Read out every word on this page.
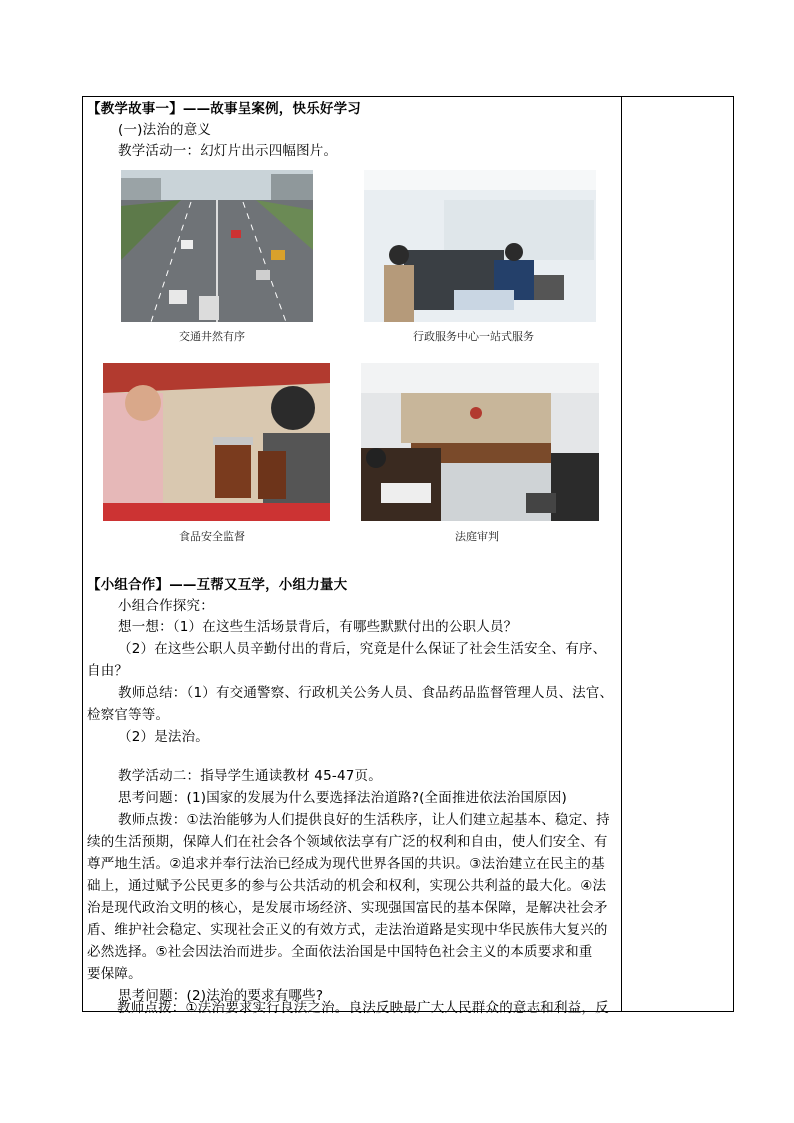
【教学故事一】——故事呈案例，快乐好学习
(一)法治的意义
教学活动一：幻灯片出示四幅图片。
交通井然有序	行政服务中心一站式服务
食品安全监督	法庭审判
【小组合作】——互帮又互学，小组力量大
小组合作探究：
想一想：（1）在这些生活场景背后，有哪些默默付出的公职人员？
（2）在这些公职人员辛勤付出的背后，究竟是什么保证了社会生活安全、有序、
自由？
教师总结：（1）有交通警察、行政机关公务人员、食品药品监督管理人员、法官、
检察官等等。
（2）是法治。
教学活动二：指导学生通读教材 45-47页。
思考问题：(1)国家的发展为什么要选择法治道路?(全面推进依法治国原因)
教师点拨：①法治能够为人们提供良好的生活秩序，让人们建立起基本、稳定、持
续的生活预期，保障人们在社会各个领域依法享有广泛的权利和自由，使人们安全、有
尊严地生活。②追求并奉行法治已经成为现代世界各国的共识。③法治建立在民主的基
础上，通过赋予公民更多的参与公共活动的机会和权利，实现公共利益的最大化。④法
治是现代政治文明的核心，是发展市场经济、实现强国富民的基本保障，是解决社会矛
盾、维护社会稳定、实现社会正义的有效方式，走法治道路是实现中华民族伟大复兴的
必然选择。⑤社会因法治而进步。全面依法治国是中国特色社会主义的本质要求和重
要保障。
思考问题：(2)法治的要求有哪些?
教师点拨：①法治要求实行良法之治。良法反映最广大人民群众的意志和利益，反
